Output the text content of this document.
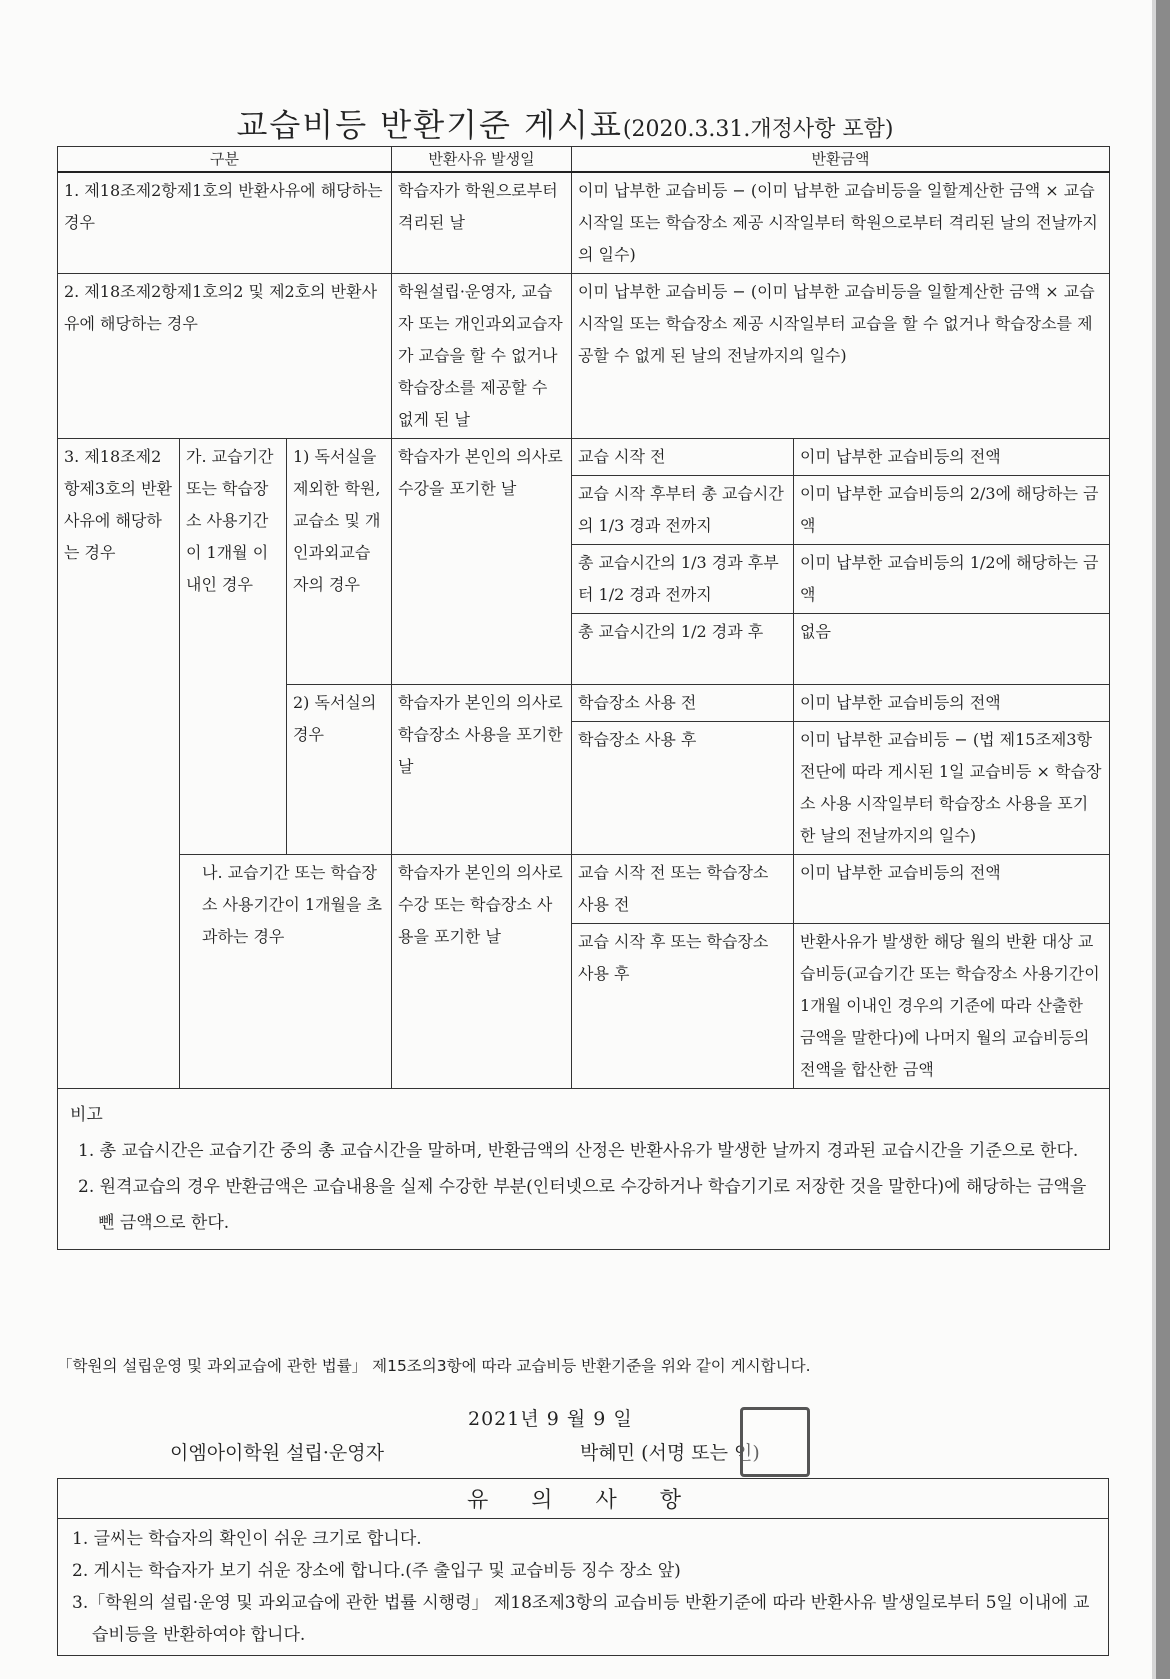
교습비등 반환기준 게시표(2020.3.31.개정사항 포함)
구분			반환사유 발생일	반환금액	
1. 제18조제2항제1호의 반환사유에 해당하는 경우			학습자가 학원으로부터 격리된 날	이미 납부한 교습비등 − (이미 납부한 교습비등을 일할계산한 금액 × 교습 시작일 또는 학습장소 제공 시작일부터 학원으로부터 격리된 날의 전날까지의 일수)	
2. 제18조제2항제1호의2 및 제2호의 반환사유에 해당하는 경우			학원설립·운영자, 교습자 또는 개인과외교습자가 교습을 할 수 없거나 학습장소를 제공할 수 없게 된 날	이미 납부한 교습비등 − (이미 납부한 교습비등을 일할계산한 금액 × 교습 시작일 또는 학습장소 제공 시작일부터 교습을 할 수 없거나 학습장소를 제공할 수 없게 된 날의 전날까지의 일수)	
3. 제18조제2항제3호의 반환사유에 해당하는 경우	가. 교습기간 또는 학습장소 사용기간이 1개월 이내인 경우	1) 독서실을 제외한 학원, 교습소 및 개인과외교습자의 경우	학습자가 본인의 의사로 수강을 포기한 날	교습 시작 전	이미 납부한 교습비등의 전액
				교습 시작 후부터 총 교습시간의 1/3 경과 전까지	이미 납부한 교습비등의 2/3에 해당하는 금액
				총 교습시간의 1/3 경과 후부터 1/2 경과 전까지	이미 납부한 교습비등의 1/2에 해당하는 금액
				총 교습시간의 1/2 경과 후	없음
		2) 독서실의 경우	학습자가 본인의 의사로 학습장소 사용을 포기한 날	학습장소 사용 전	이미 납부한 교습비등의 전액
				학습장소 사용 후	이미 납부한 교습비등 − (법 제15조제3항 전단에 따라 게시된 1일 교습비등 × 학습장소 사용 시작일부터 학습장소 사용을 포기한 날의 전날까지의 일수)
	나. 교습기간 또는 학습장소 사용기간이 1개월을 초과하는 경우		학습자가 본인의 의사로 수강 또는 학습장소 사용을 포기한 날	교습 시작 전 또는 학습장소 사용 전	이미 납부한 교습비등의 전액
				교습 시작 후 또는 학습장소 사용 후	반환사유가 발생한 해당 월의 반환 대상 교습비등(교습기간 또는 학습장소 사용기간이 1개월 이내인 경우의 기준에 따라 산출한 금액을 말한다)에 나머지 월의 교습비등의 전액을 합산한 금액

비고
1. 총 교습시간은 교습기간 중의 총 교습시간을 말하며, 반환금액의 산정은 반환사유가 발생한 날까지 경과된 교습시간을 기준으로 한다.
2. 원격교습의 경우 반환금액은 교습내용을 실제 수강한 부분(인터넷으로 수강하거나 학습기기로 저장한 것을 말한다)에 해당하는 금액을 뺀 금액으로 한다.					
「학원의 설립운영 및 과외교습에 관한 법률」 제15조의3항에 따라 교습비등 반환기준을 위와 같이 게시합니다.
2021년 9 월 9 일
이엠아이학원 설립·운영자	박혜민 (서명 또는 인)
유 의 사 항

1. 글씨는 학습자의 확인이 쉬운 크기로 합니다.
2. 게시는 학습자가 보기 쉬운 장소에 합니다.(주 출입구 및 교습비등 징수 장소 앞)
3.「학원의 설립·운영 및 과외교습에 관한 법률 시행령」 제18조제3항의 교습비등 반환기준에 따라 반환사유 발생일로부터 5일 이내에 교습비등을 반환하여야 합니다.
